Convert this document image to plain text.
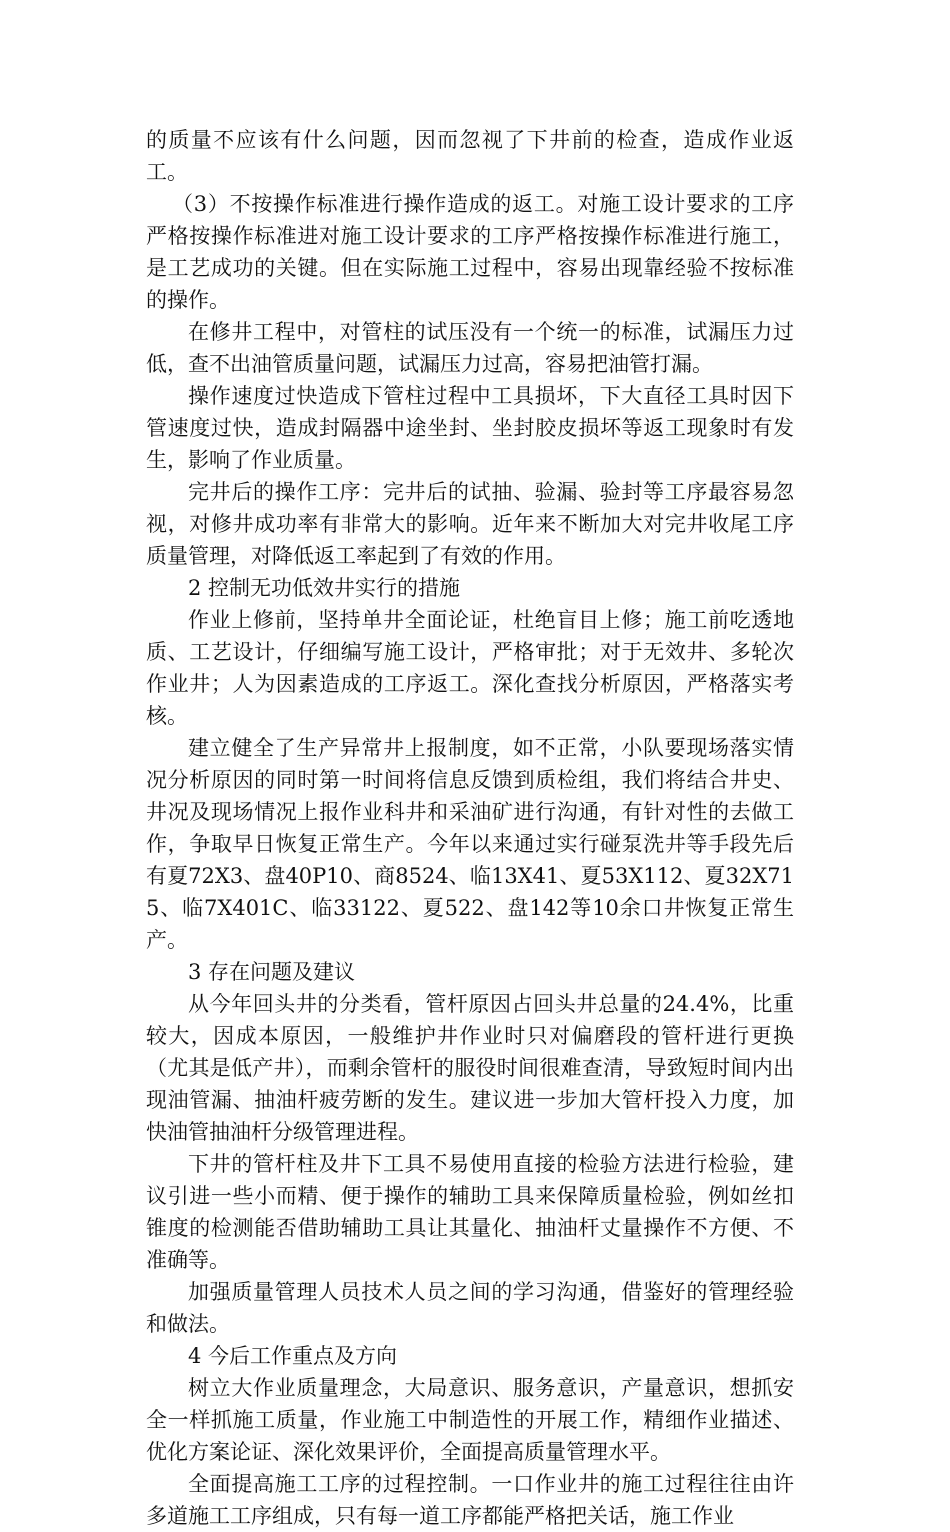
的质量不应该有什么问题，因而忽视了下井前的检查，造成作业返工。

（3）不按操作标准进行操作造成的返工。对施工设计要求的工序严格按操作标准进对施工设计要求的工序严格按操作标准进行施工，是工艺成功的关键。但在实际施工过程中，容易出现靠经验不按标准的操作。

在修井工程中，对管柱的试压没有一个统一的标准，试漏压力过低，查不出油管质量问题，试漏压力过高，容易把油管打漏。

操作速度过快造成下管柱过程中工具损坏，下大直径工具时因下管速度过快，造成封隔器中途坐封、坐封胶皮损坏等返工现象时有发生，影响了作业质量。

完井后的操作工序：完井后的试抽、验漏、验封等工序最容易忽视，对修井成功率有非常大的影响。近年来不断加大对完井收尾工序质量管理，对降低返工率起到了有效的作用。

2 控制无功低效井实行的措施

作业上修前，坚持单井全面论证，杜绝盲目上修；施工前吃透地质、工艺设计，仔细编写施工设计，严格审批；对于无效井、多轮次作业井；人为因素造成的工序返工。深化查找分析原因，严格落实考核。

建立健全了生产异常井上报制度，如不正常，小队要现场落实情况分析原因的同时第一时间将信息反馈到质检组，我们将结合井史、井况及现场情况上报作业科井和采油矿进行沟通，有针对性的去做工作，争取早日恢复正常生产。今年以来通过实行碰泵洗井等手段先后有夏72X3、盘40P10、商8524、临13X41、夏53X112、夏32X715、临7X401C、临33122、夏522、盘142等10余口井恢复正常生产。

3 存在问题及建议

从今年回头井的分类看，管杆原因占回头井总量的24.4%，比重较大，因成本原因，一般维护井作业时只对偏磨段的管杆进行更换（尤其是低产井），而剩余管杆的服役时间很难查清，导致短时间内出现油管漏、抽油杆疲劳断的发生。建议进一步加大管杆投入力度，加快油管抽油杆分级管理进程。

下井的管杆柱及井下工具不易使用直接的检验方法进行检验，建议引进一些小而精、便于操作的辅助工具来保障质量检验，例如丝扣锥度的检测能否借助辅助工具让其量化、抽油杆丈量操作不方便、不准确等。

加强质量管理人员技术人员之间的学习沟通，借鉴好的管理经验和做法。

4 今后工作重点及方向

树立大作业质量理念，大局意识、服务意识，产量意识，想抓安全一样抓施工质量，作业施工中制造性的开展工作，精细作业描述、优化方案论证、深化效果评价，全面提高质量管理水平。

全面提高施工工序的过程控制。一口作业井的施工过程往往由许多道施工工序组成，只有每一道工序都能严格把关话，施工作业
